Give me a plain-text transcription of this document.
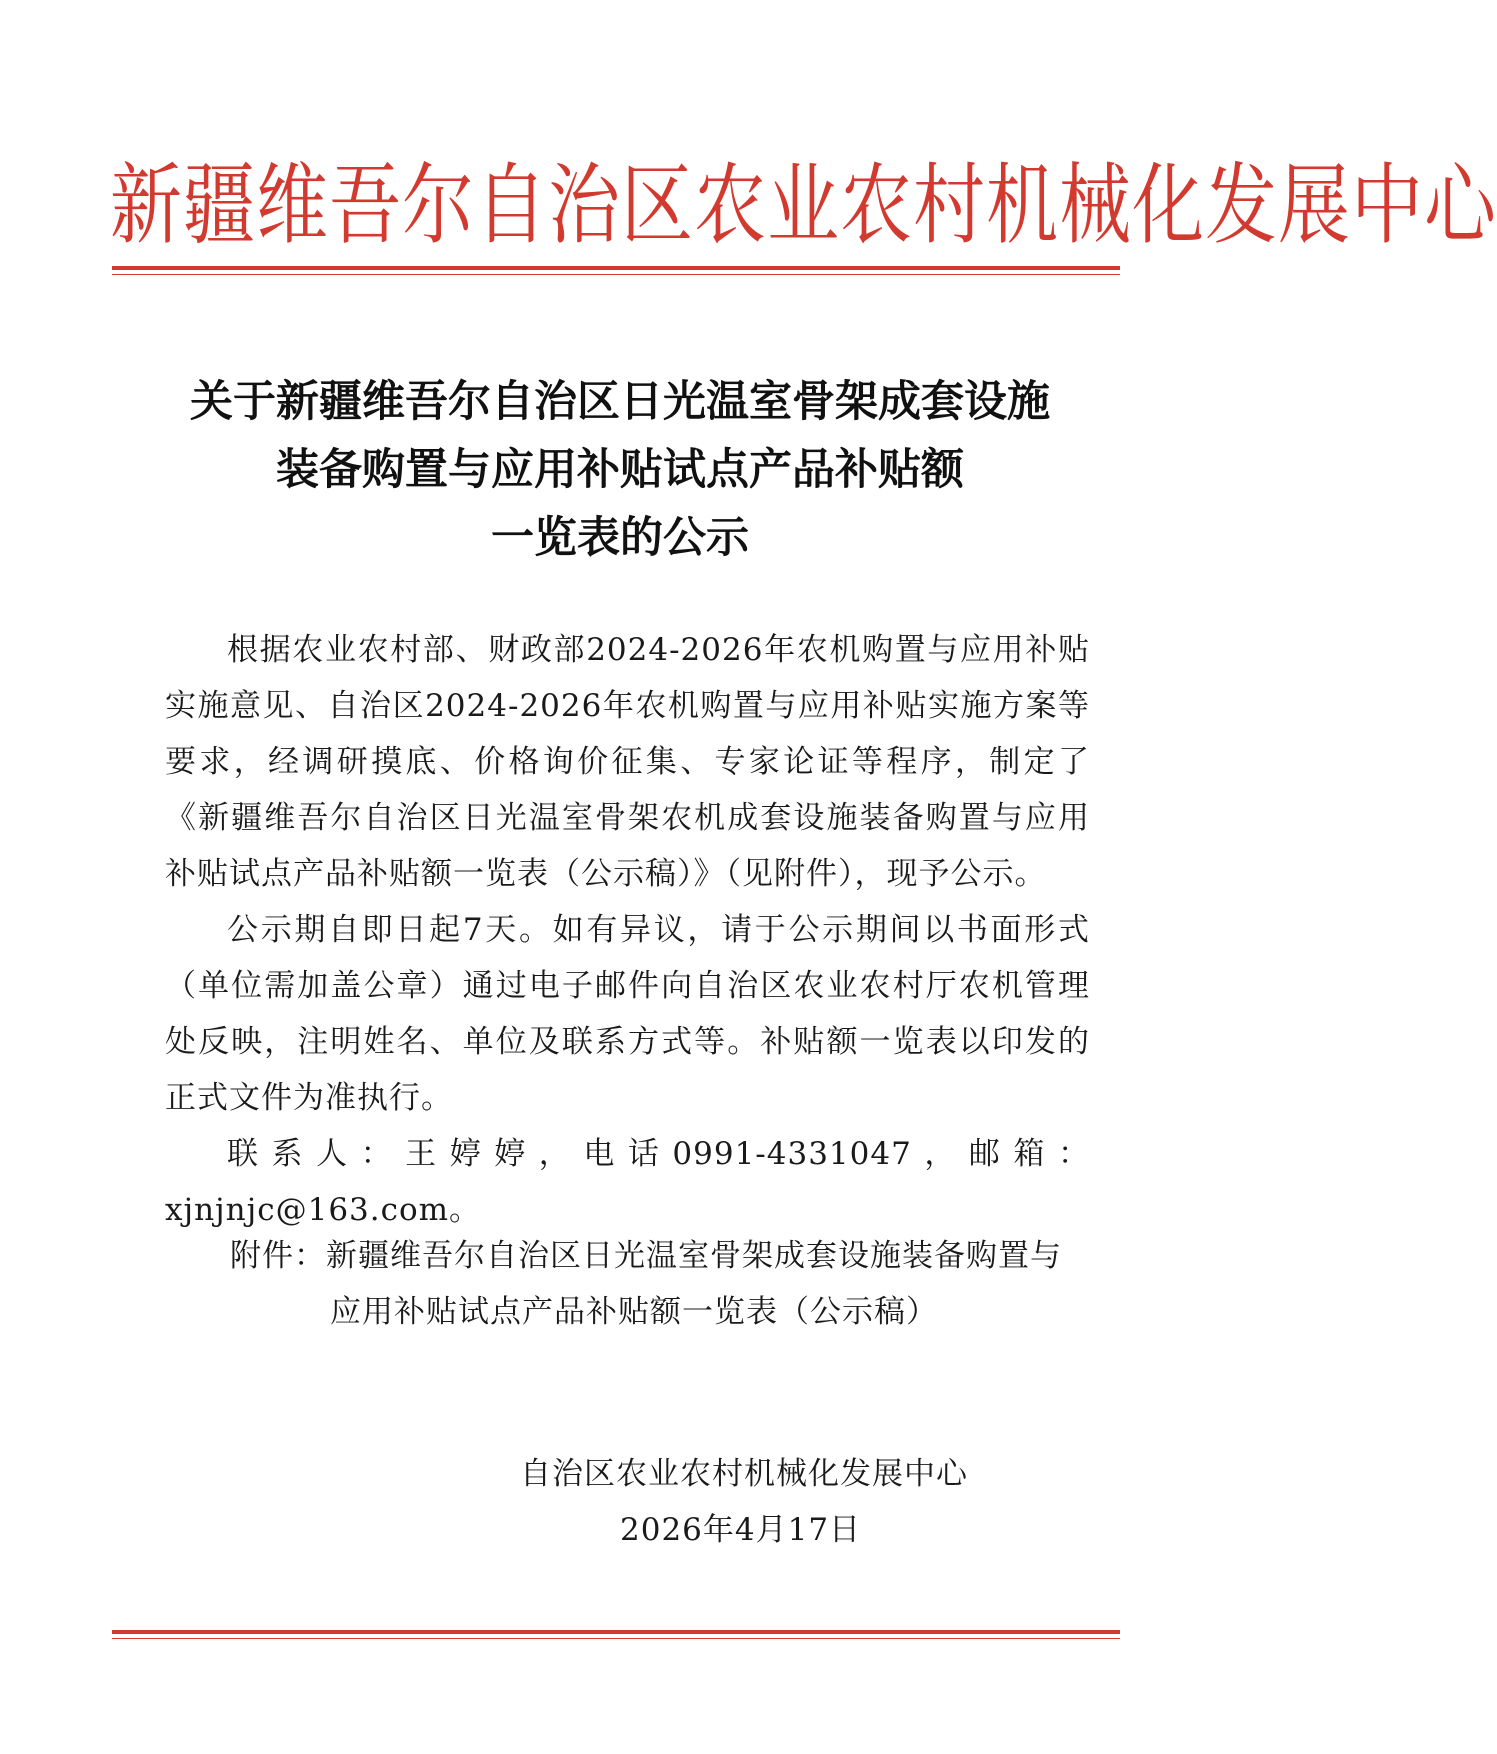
新疆维吾尔自治区农业农村机械化发展中心
关于新疆维吾尔自治区日光温室骨架成套设施
装备购置与应用补贴试点产品补贴额
一览表的公示

根据农业农村部、财政部2024-2026年农机购置与应用补贴实施意见、自治区2024-2026年农机购置与应用补贴实施方案等要求，经调研摸底、价格询价征集、专家论证等程序，制定了《新疆维吾尔自治区日光温室骨架农机成套设施装备购置与应用补贴试点产品补贴额一览表（公示稿）》（见附件），现予公示。

公示期自即日起7天。如有异议，请于公示期间以书面形式（单位需加盖公章）通过电子邮件向自治区农业农村厅农机管理处反映，注明姓名、单位及联系方式等。补贴额一览表以印发的正式文件为准执行。

联系人：王婷婷，电话0991-4331047，邮箱：xjnjnjc@163.com。

附件：新疆维吾尔自治区日光温室骨架成套设施装备购置与
应用补贴试点产品补贴额一览表（公示稿）
自治区农业农村机械化发展中心
2026年4月17日
